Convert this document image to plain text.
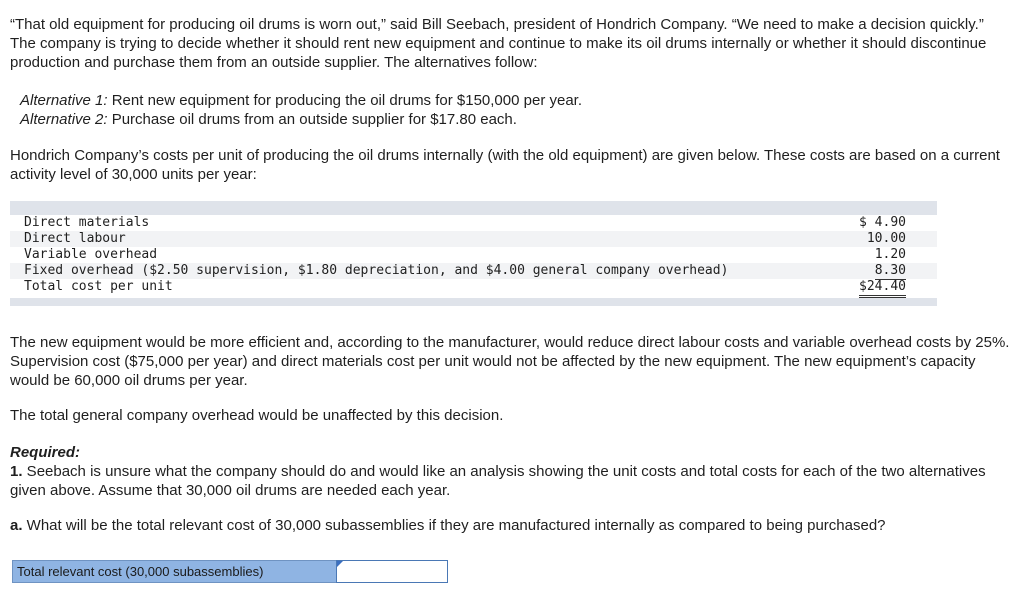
“That old equipment for producing oil drums is worn out,” said Bill Seebach, president of Hondrich Company. “We need to make a decision quickly.” The company is trying to decide whether it should rent new equipment and continue to make its oil drums internally or whether it should discontinue production and purchase them from an outside supplier. The alternatives follow:

Alternative 1: Rent new equipment for producing the oil drums for $150,000 per year.

Alternative 2: Purchase oil drums from an outside supplier for $17.80 each.

Hondrich Company’s costs per unit of producing the oil drums internally (with the old equipment) are given below. These costs are based on a current activity level of 30,000 units per year:

Direct materials	$ 4.90
Direct labour	10.00
Variable overhead	1.20
Fixed overhead ($2.50 supervision, $1.80 depreciation, and $4.00 general company overhead)	8.30
Total cost per unit	$24.40

The new equipment would be more efficient and, according to the manufacturer, would reduce direct labour costs and variable overhead costs by 25%. Supervision cost ($75,000 per year) and direct materials cost per unit would not be affected by the new equipment. The new equipment’s capacity would be 60,000 oil drums per year.

The total general company overhead would be unaffected by this decision.

Required:

1. Seebach is unsure what the company should do and would like an analysis showing the unit costs and total costs for each of the two alternatives given above. Assume that 30,000 oil drums are needed each year.

a. What will be the total relevant cost of 30,000 subassemblies if they are manufactured internally as compared to being purchased?

Total relevant cost (30,000 subassemblies)
